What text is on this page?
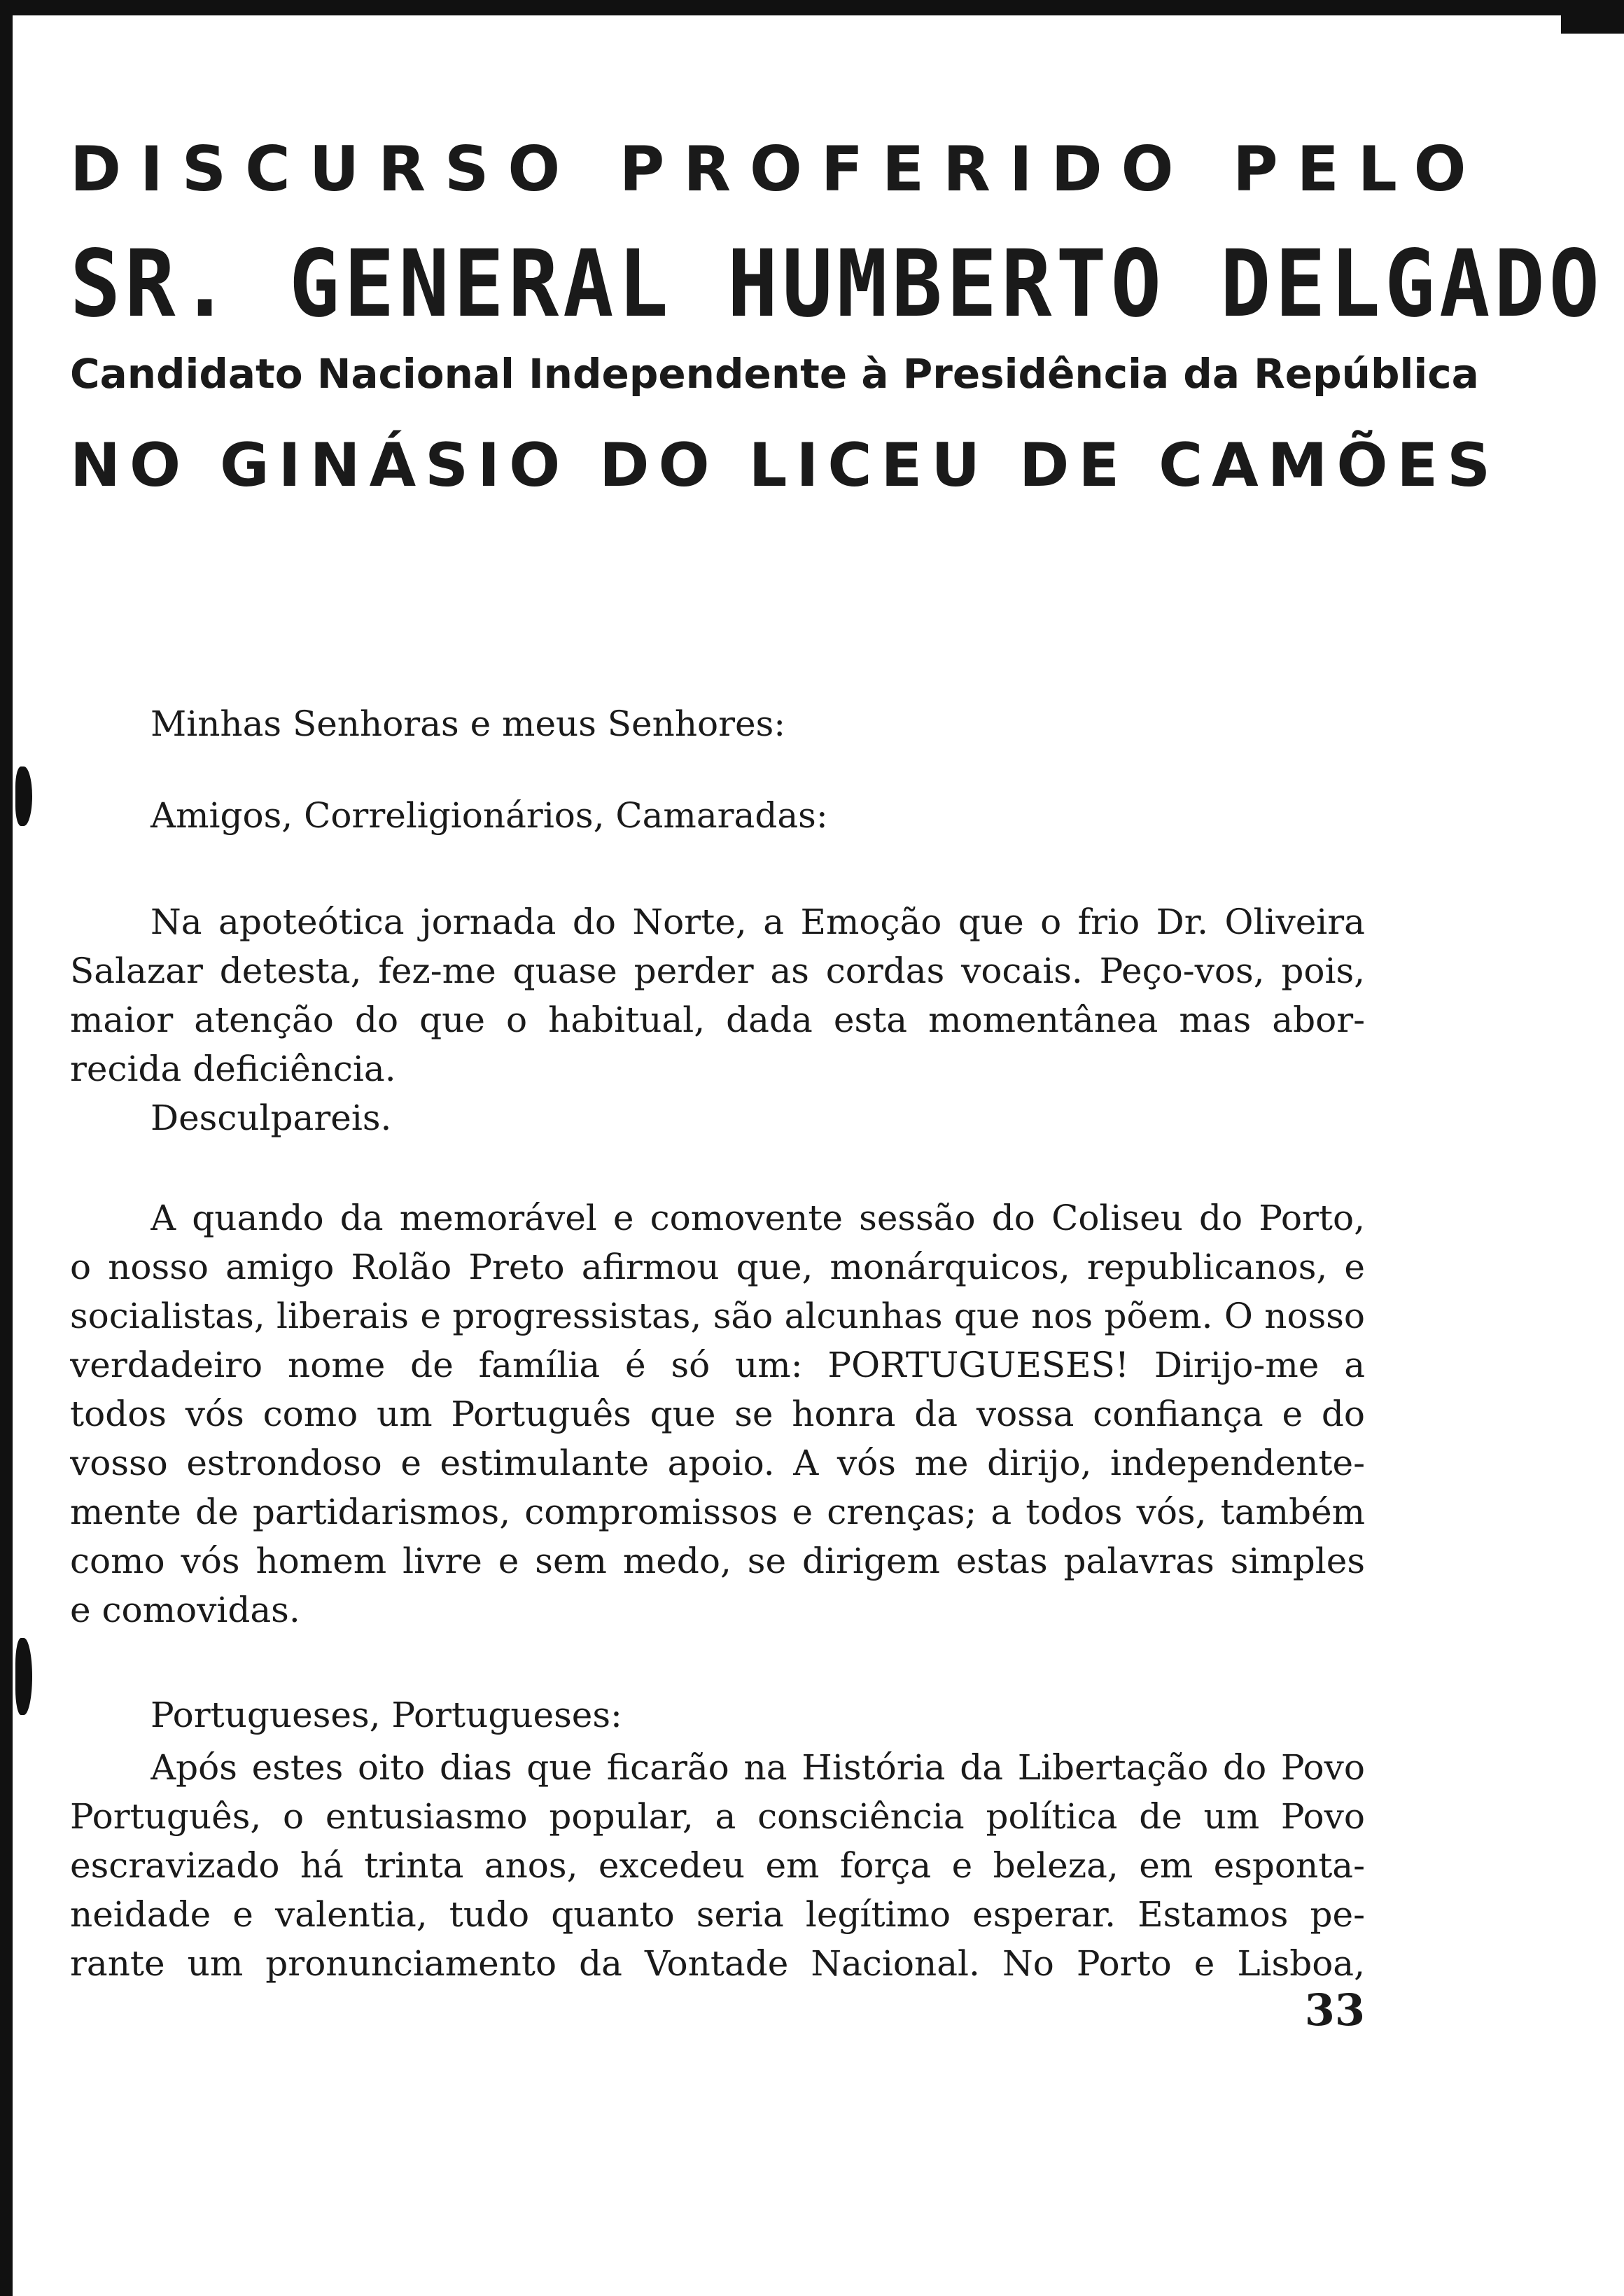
DISCURSO PROFERIDO PELO
SR. GENERAL HUMBERTO DELGADO
Candidato Nacional Independente à Presidência da República
NO GINÁSIO DO LICEU DE CAMÕES
Minhas Senhoras e meus Senhores:
Amigos, Correligionários, Camaradas:
Na apoteótica jornada do Norte, a Emoção que o frio Dr. Oliveira
Salazar detesta, fez-me quase perder as cordas vocais. Peço-vos, pois,
maior atenção do que o habitual, dada esta momentânea mas abor-
recida deficiência.
Desculpareis.
A quando da memorável e comovente sessão do Coliseu do Porto,
o nosso amigo Rolão Preto afirmou que, monárquicos, republicanos, e
socialistas, liberais e progressistas, são alcunhas que nos põem. O nosso
verdadeiro nome de família é só um: PORTUGUESES! Dirijo-me a
todos vós como um Português que se honra da vossa confiança e do
vosso estrondoso e estimulante apoio. A vós me dirijo, independente-
mente de partidarismos, compromissos e crenças; a todos vós, também
como vós homem livre e sem medo, se dirigem estas palavras simples
e comovidas.
Portugueses, Portugueses:
Após estes oito dias que ficarão na História da Libertação do Povo
Português, o entusiasmo popular, a consciência política de um Povo
escravizado há trinta anos, excedeu em força e beleza, em esponta-
neidade e valentia, tudo quanto seria legítimo esperar. Estamos pe-
rante um pronunciamento da Vontade Nacional. No Porto e Lisboa,
33
